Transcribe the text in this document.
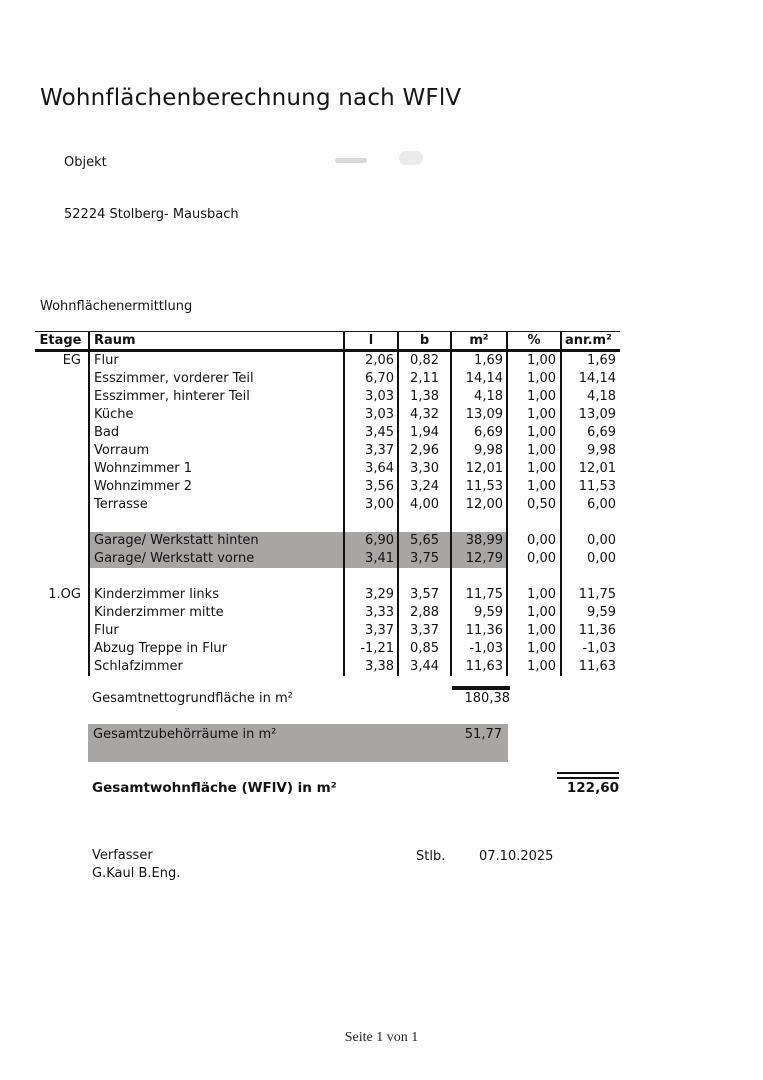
Wohnflächenberechnung nach WFlV
Objekt
52224 Stolberg- Mausbach
Wohnflächenermittlung
Etage Raum	l	b	m²	%	anr.m²
EG	Flur	2,06	0,82	1,69	1,00	1,69
Esszimmer, vorderer Teil	6,70	2,11	14,14	1,00	14,14
Esszimmer, hinterer Teil	3,03	1,38	4,18	1,00	4,18
Küche	3,03	4,32	13,09	1,00	13,09
Bad	3,45	1,94	6,69	1,00	6,69
Vorraum	3,37	2,96	9,98	1,00	9,98
Wohnzimmer 1	3,64	3,30	12,01	1,00	12,01
Wohnzimmer 2	3,56	3,24	11,53	1,00	11,53
Terrasse	3,00	4,00	12,00	0,50	6,00
Garage/ Werkstatt hinten	6,90	5,65	38,99	0,00	0,00
Garage/ Werkstatt vorne	3,41	3,75	12,79	0,00	0,00
1.OG	Kinderzimmer links	3,29	3,57	11,75	1,00	11,75
Kinderzimmer mitte	3,33	2,88	9,59	1,00	9,59
Flur	3,37	3,37	11,36	1,00	11,36
Abzug Treppe in Flur	-1,21	0,85	-1,03	1,00	-1,03
Schlafzimmer	3,38	3,44	11,63	1,00	11,63
Gesamtnettogrundfläche in m²	180,38
Gesamtzubehörräume in m²	51,77
Gesamtwohnfläche (WFlV) in m²	122,60
Verfasser
G.Kaul B.Eng.
Stlb.	07.10.2025
Seite 1 von 1
